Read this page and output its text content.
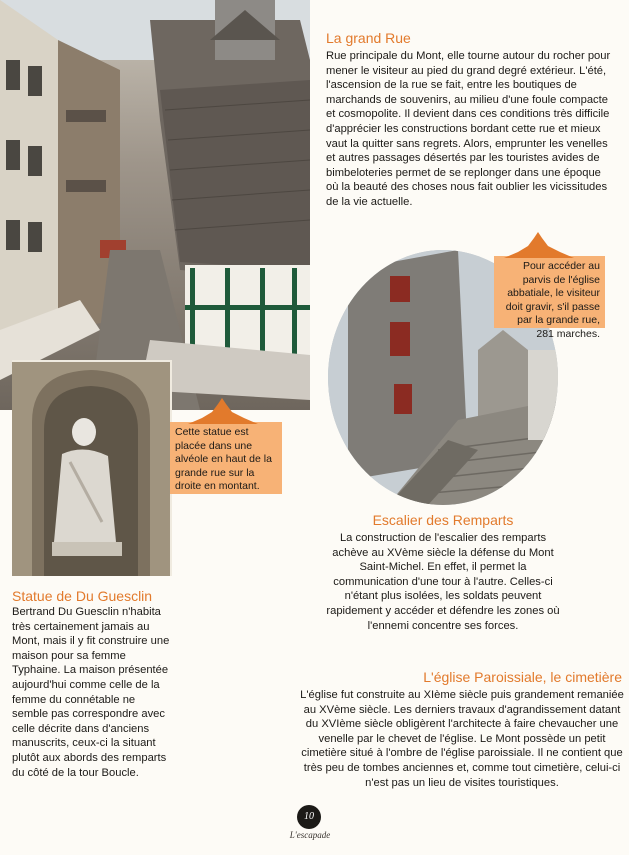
Pour accéder au parvis de l'église abbatiale, le visiteur doit gravir, s'il passe par la grande rue, 281 marches.
Cette statue est placée dans une alvéole en haut de la grande rue sur la droite en montant.
La grand Rue

Rue principale du Mont, elle tourne autour du rocher pour mener le visiteur au pied du grand degré extérieur. L'été, l'ascension de la rue se fait, entre les boutiques de marchands de souvenirs, au milieu d'une foule compacte et cosmopolite. Il devient dans ces conditions très difficile d'apprécier les constructions bordant cette rue et mieux vaut la quitter sans regrets. Alors, emprunter les venelles et autres passages désertés par les touristes avides de bimbeloteries permet de se replonger dans une époque où la beauté des choses nous fait oublier les vicissitudes de la vie actuelle.

Escalier des Remparts

La construction de l'escalier des remparts achève au XVème siècle la défense du Mont Saint-Michel. En effet, il permet la communication d'une tour à l'autre. Celles-ci n'étant plus isolées, les soldats peuvent rapidement y accéder et défendre les zones où l'ennemi concentre ses forces.

Statue de Du Guesclin

Bertrand Du Guesclin n'habita très certainement jamais au Mont, mais il y fit construire une maison pour sa femme Typhaine. La maison présentée aujourd'hui comme celle de la femme du connétable ne semble pas correspondre avec celle décrite dans d'anciens manuscrits, ceux-ci la situant plutôt aux abords des remparts du côté de la tour Boucle.

L'église Paroissiale, le cimetière

L'église fut construite au XIème siècle puis grandement remaniée au XVème siècle. Les derniers travaux d'agrandissement datant du XVIème siècle obligèrent l'architecte à faire chevaucher une venelle par le chevet de l'église. Le Mont possède un petit cimetière situé à l'ombre de l'église paroissiale. Il ne contient que très peu de tombes anciennes et, comme tout cimetière, celui-ci n'est pas un lieu de visites touristiques.

10
L'escapade
